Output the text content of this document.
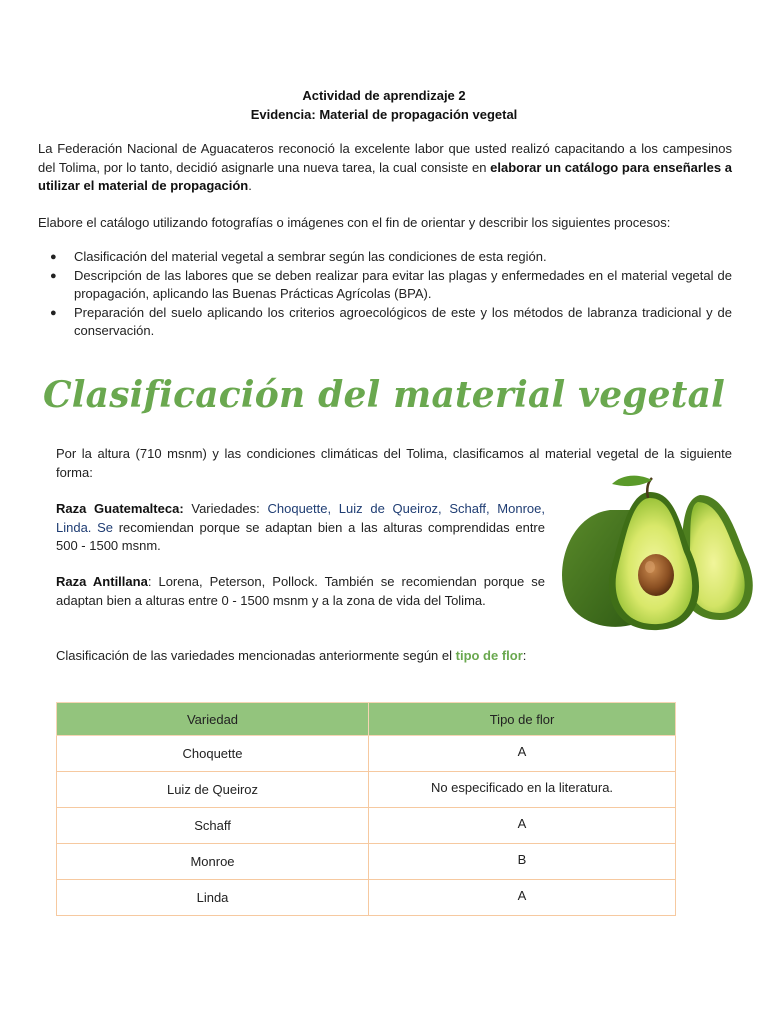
Actividad de aprendizaje 2
Evidencia: Material de propagación vegetal
La Federación Nacional de Aguacateros reconoció la excelente labor que usted realizó capacitando a los campesinos del Tolima, por lo tanto, decidió asignarle una nueva tarea, la cual consiste en elaborar un catálogo para enseñarles a utilizar el material de propagación.
Elabore el catálogo utilizando fotografías o imágenes con el fin de orientar y describir los siguientes procesos:
● Clasificación del material vegetal a sembrar según las condiciones de esta región.
● Descripción de las labores que se deben realizar para evitar las plagas y enfermedades en el material vegetal de propagación, aplicando las Buenas Prácticas Agrícolas (BPA).
● Preparación del suelo aplicando los criterios agroecológicos de este y los métodos de labranza tradicional y de conservación.
Clasificación del material vegetal
Por la altura (710 msnm) y las condiciones climáticas del Tolima, clasificamos al material vegetal de la siguiente forma:
Raza Guatemalteca: Variedades: Choquette, Luiz de Queiroz, Schaff, Monroe, Linda. Se recomiendan porque se adaptan bien a las alturas comprendidas entre 500 - 1500 msnm.
Raza Antillana: Lorena, Peterson, Pollock. También se recomiendan porque se adaptan bien a alturas entre 0 - 1500 msnm y a la zona de vida del Tolima.
Clasificación de las variedades mencionadas anteriormente según el tipo de flor:
Variedad	Tipo de flor
Choquette	A
Luiz de Queiroz	No especificado en la literatura.
Schaff	A
Monroe	B
Linda	A
